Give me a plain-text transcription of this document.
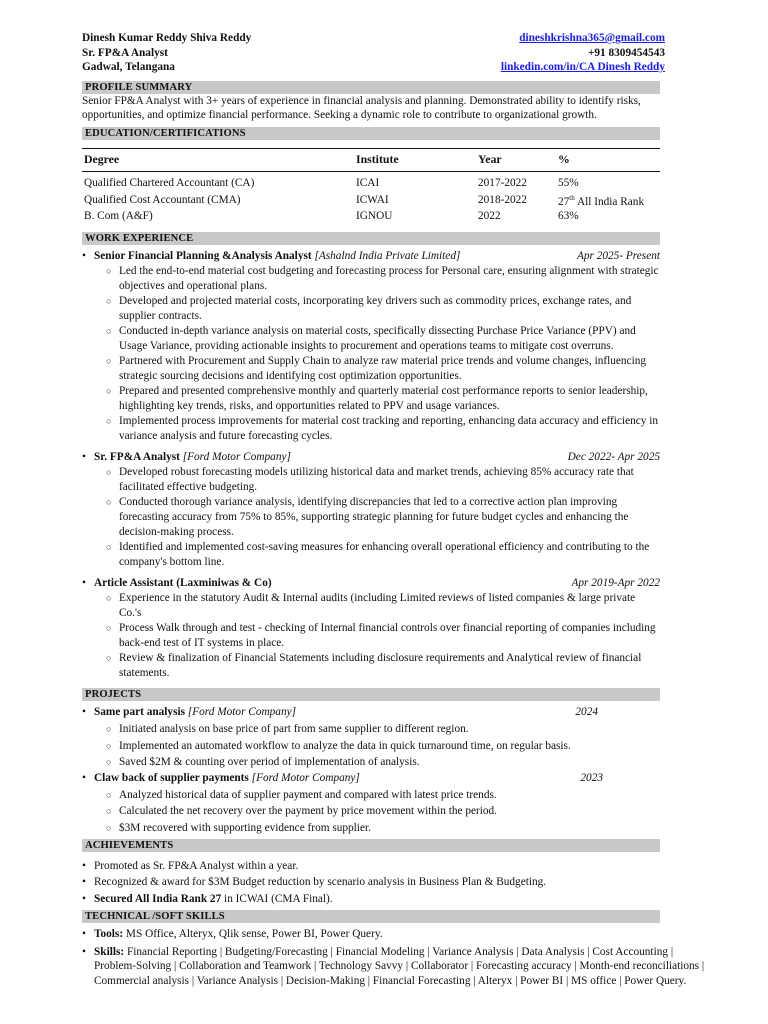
Dinesh Kumar Reddy Shiva Reddy
Sr. FP&A Analyst
Gadwal, Telangana
dineshkrishna365@gmail.com
+91 8309454543
linkedin.com/in/CA Dinesh Reddy
PROFILE SUMMARY
Senior FP&A Analyst with 3+ years of experience in financial analysis and planning. Demonstrated ability to identify risks, opportunities, and optimize financial performance. Seeking a dynamic role to contribute to organizational growth.
EDUCATION/CERTIFICATIONS
Degree	Institute	Year	%
Qualified Chartered Accountant (CA)	ICAI	2017-2022	55%
Qualified Cost Accountant (CMA)	ICWAI	2018-2022	27th All India Rank
B. Com (A&F)	IGNOU	2022	63%
WORK EXPERIENCE
• Senior Financial Planning &Analysis Analyst [Ashalnd India Private Limited]	Apr 2025- Present
○ Led the end-to-end material cost budgeting and forecasting process for Personal care, ensuring alignment with strategic objectives and operational plans.
○ Developed and projected material costs, incorporating key drivers such as commodity prices, exchange rates, and supplier contracts.
○ Conducted in-depth variance analysis on material costs, specifically dissecting Purchase Price Variance (PPV) and Usage Variance, providing actionable insights to procurement and operations teams to mitigate cost overruns.
○ Partnered with Procurement and Supply Chain to analyze raw material price trends and volume changes, influencing strategic sourcing decisions and identifying cost optimization opportunities.
○ Prepared and presented comprehensive monthly and quarterly material cost performance reports to senior leadership, highlighting key trends, risks, and opportunities related to PPV and usage variances.
○ Implemented process improvements for material cost tracking and reporting, enhancing data accuracy and efficiency in variance analysis and future forecasting cycles.
• Sr. FP&A Analyst [Ford Motor Company]	Dec 2022- Apr 2025
○ Developed robust forecasting models utilizing historical data and market trends, achieving 85% accuracy rate that facilitated effective budgeting.
○ Conducted thorough variance analysis, identifying discrepancies that led to a corrective action plan improving forecasting accuracy from 75% to 85%, supporting strategic planning for future budget cycles and enhancing the decision-making process.
○ Identified and implemented cost-saving measures for enhancing overall operational efficiency and contributing to the company's bottom line.
• Article Assistant (Laxminiwas & Co)	Apr 2019-Apr 2022
○ Experience in the statutory Audit & Internal audits (including Limited reviews of listed companies & large private Co.'s
○ Process Walk through and test - checking of Internal financial controls over financial reporting of companies including back-end test of IT systems in place.
○ Review & finalization of Financial Statements including disclosure requirements and Analytical review of financial statements.
PROJECTS
• Same part analysis [Ford Motor Company]	2024
○ Initiated analysis on base price of part from same supplier to different region.
○ Implemented an automated workflow to analyze the data in quick turnaround time, on regular basis.
○ Saved $2M & counting over period of implementation of analysis.
• Claw back of supplier payments [Ford Motor Company]	2023
○ Analyzed historical data of supplier payment and compared with latest price trends.
○ Calculated the net recovery over the payment by price movement within the period.
○ $3M recovered with supporting evidence from supplier.
ACHIEVEMENTS
• Promoted as Sr. FP&A Analyst within a year.
• Recognized & award for $3M Budget reduction by scenario analysis in Business Plan & Budgeting.
• Secured All India Rank 27 in ICWAI (CMA Final).
TECHNICAL /SOFT SKILLS
• Tools: MS Office, Alteryx, Qlik sense, Power BI, Power Query.
• Skills: Financial Reporting | Budgeting/Forecasting | Financial Modeling | Variance Analysis | Data Analysis | Cost Accounting | Problem-Solving | Collaboration and Teamwork | Technology Savvy | Collaborator | Forecasting accuracy | Month-end reconciliations | Commercial analysis | Variance Analysis | Decision-Making | Financial Forecasting | Alteryx | Power BI | MS office | Power Query.
